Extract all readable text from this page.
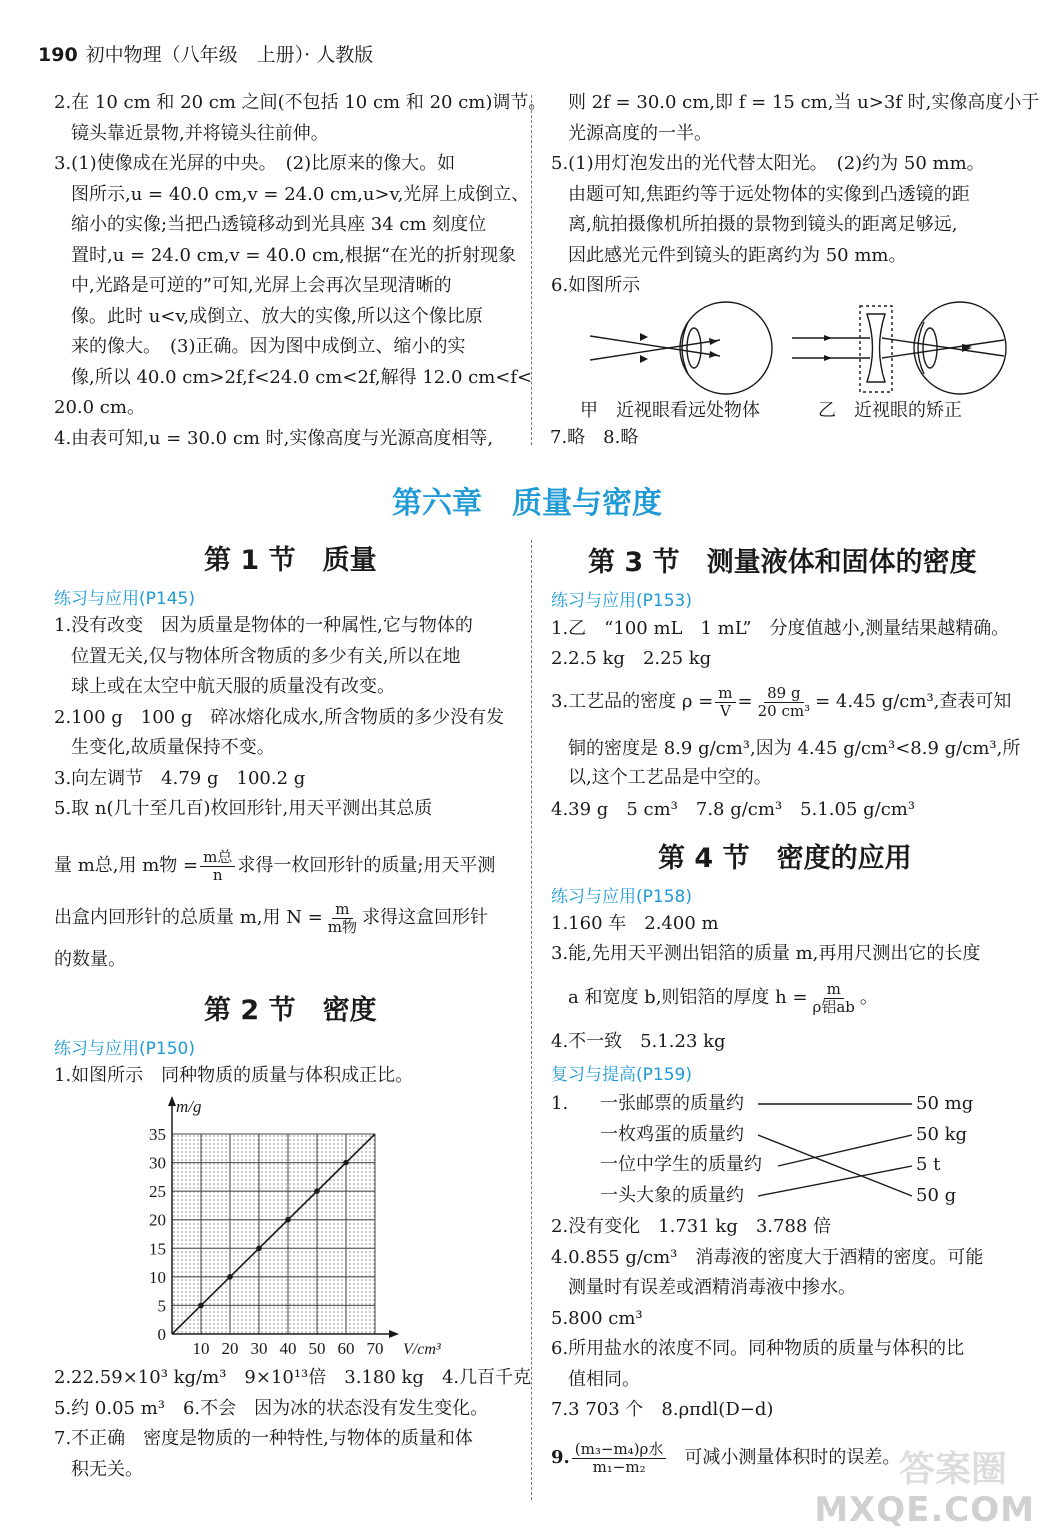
190 初中物理（八年级　上册）· 人教版
2.在 10 cm 和 20 cm 之间(不包括 10 cm 和 20 cm)调节。
镜头靠近景物,并将镜头往前伸。
3.(1)使像成在光屏的中央。　(2)比原来的像大。如
图所示,u = 40.0 cm,v = 24.0 cm,u>v,光屏上成倒立、
缩小的实像;当把凸透镜移动到光具座 34 cm 刻度位
置时,u = 24.0 cm,v = 40.0 cm,根据“在光的折射现象
中,光路是可逆的”可知,光屏上会再次呈现清晰的
像。此时 u<v,成倒立、放大的实像,所以这个像比原
来的像大。　(3)正确。因为图中成倒立、缩小的实
像,所以 40.0 cm>2f,f<24.0 cm<2f,解得 12.0 cm<f<
20.0 cm。
4.由表可知,u = 30.0 cm 时,实像高度与光源高度相等,
则 2f = 30.0 cm,即 f = 15 cm,当 u>3f 时,实像高度小于
光源高度的一半。
5.(1)用灯泡发出的光代替太阳光。　(2)约为 50 mm。
由题可知,焦距约等于远处物体的实像到凸透镜的距
离,航拍摄像机所拍摄的景物到镜头的距离足够远,
因此感光元件到镜头的距离约为 50 mm。
6.如图所示
甲　近视眼看远处物体	乙　近视眼的矫正
7.略　8.略
第六章　质量与密度
第 1 节　质量
练习与应用(P145)
1.没有改变　因为质量是物体的一种属性,它与物体的
位置无关,仅与物体所含物质的多少有关,所以在地
球上或在太空中航天服的质量没有改变。
2.100 g　100 g　碎冰熔化成水,所含物质的多少没有发
生变化,故质量保持不变。
3.向左调节　4.79 g　100.2 g
5.取 n(几十至几百)枚回形针,用天平测出其总质
量 m总,用 m物 = $\frac{\text{m总}}{n}$ 求得一枚回形针的质量;用天平测
出盒内回形针的总质量 m,用 $N = \frac{m}{\text{m物}}$ 求得这盒回形针
的数量。
第 2 节　密度
练习与应用(P150)
1.如图所示　同种物质的质量与体积成正比。
0
5
10
15
20
25
30
35
10 20 30 40 50 60 70
m/g
V/cm³
2.22.59×10³ kg/m³　9×10¹³倍　3.180 kg　4.几百千克
5.约 0.05 m³　6.不会　因为冰的状态没有发生变化。
7.不正确　密度是物质的一种特性,与物体的质量和体
积无关。
第 3 节　测量液体和固体的密度
练习与应用(P153)
1.乙　“100 mL　1 mL”　分度值越小,测量结果越精确。
2.2.5 kg　2.25 kg
3.工艺品的密度 $\rho = \frac{m}{V} = \frac{89 g}{\text{20 cm³}} = 4.45$ g/cm³,查表可知
铜的密度是 8.9 g/cm³,因为 4.45 g/cm³<8.9 g/cm³,所
以,这个工艺品是中空的。
4.39 g　5 cm³　7.8 g/cm³　5.1.05 g/cm³
第 4 节　密度的应用
练习与应用(P158)
1.160 车　2.400 m
3.能,先用天平测出铝箔的质量 m,再用尺测出它的长度
a 和宽度 b,则铝箔的厚度 $h = \frac{m}{\text{ρ铝ab}}$ 。
4.不一致　5.1.23 kg
复习与提高(P159)
1. 一张邮票的质量约
一枚鸡蛋的质量约
一位中学生的质量约
一头大象的质量约
50 mg
50 kg
5 t
50 g
2.没有变化　1.731 kg　3.788 倍
4.0.855 g/cm³　消毒液的密度大于酒精的密度。可能
测量时有误差或酒精消毒液中掺水。
5.800 cm³
6.所用盐水的浓度不同。同种物质的质量与体积的比
值相同。
7.3 703 个　8.ρπdl(D−d)
9. $\frac{\text{(m₃−m₄)ρ水}}{\text{m₁−m₂}}$ 可减小测量体积时的误差。
答案圈
MXQE.COM
